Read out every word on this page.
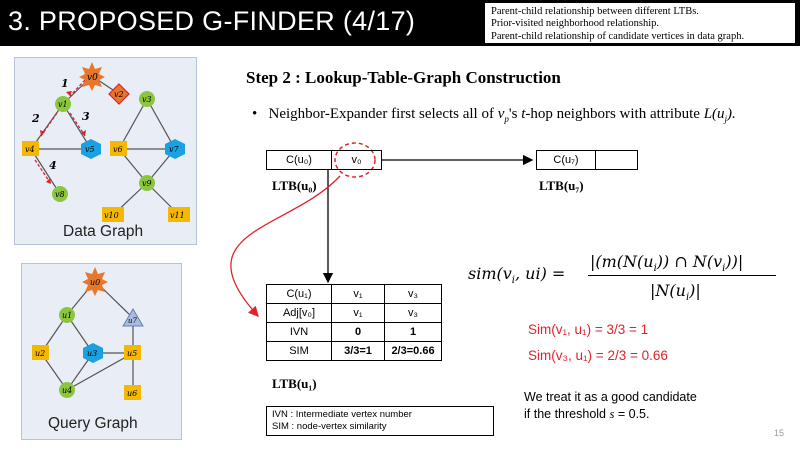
3. PROPOSED G-FINDER (4/17)	Parent-child relationship between different LTBs.
Prior-visited neighborhood relationship.
Parent-child relationship of candidate vertices in data graph.
1
2	3
4
v0
v2
v1
v3
v4	v5 v6	v7
v8
v9
v10	v11
Data Graph
u0
u7
u1
u2	u3	u5
u4	u6
Query Graph
Step 2 : Lookup-Table-Graph Construction
• Neighbor-Expander first selects all of $v_p's$ t-hop neighbors with attribute $L(u_j)$.
C(u₀)	v₀
LTB(u₀)
C(u₇)	
LTB(u₇)
C(u₁)	v₁	v₃
Adj[v₀]	v₁	v₃
IVN	0	1
SIM	3/3=1	2/3=0.66
LTB(u₁)
IVN : Intermediate vertex number
SIM : node-vertex similarity
$sim(v_i$, ui) =
$|(m(N(u_i))$ ∩ $N(v_i))|$
$|N(u_i)|$
Sim(v₁, u₁) = 3/3 = 1
Sim(v₃, u₁) = 2/3 = 0.66
We treat it as a good candidate
if the threshold s = 0.5.
15
